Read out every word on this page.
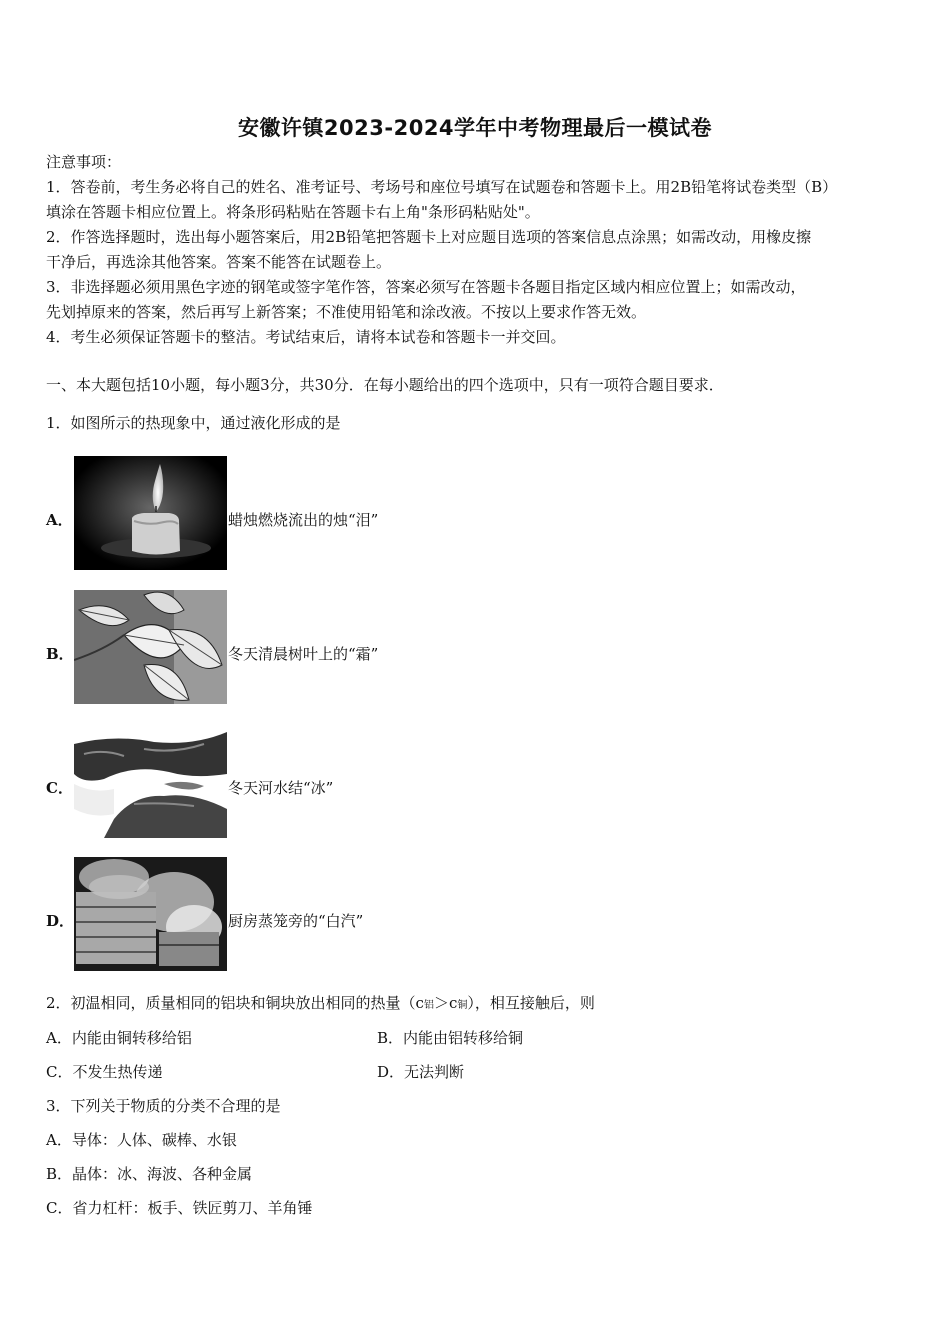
安徽许镇2023-2024学年中考物理最后一模试卷

注意事项：

1．答卷前，考生务必将自己的姓名、准考证号、考场号和座位号填写在试题卷和答题卡上。用2B铅笔将试卷类型（B）

填涂在答题卡相应位置上。将条形码粘贴在答题卡右上角"条形码粘贴处"。

2．作答选择题时，选出每小题答案后，用2B铅笔把答题卡上对应题目选项的答案信息点涂黑；如需改动，用橡皮擦

干净后，再选涂其他答案。答案不能答在试题卷上。

3．非选择题必须用黑色字迹的钢笔或签字笔作答，答案必须写在答题卡各题目指定区域内相应位置上；如需改动，

先划掉原来的答案，然后再写上新答案；不准使用铅笔和涂改液。不按以上要求作答无效。

4．考生必须保证答题卡的整洁。考试结束后，请将本试卷和答题卡一并交回。

一、本大题包括10小题，每小题3分，共30分．在每小题给出的四个选项中，只有一项符合题目要求．
1．如图所示的热现象中，通过液化形成的是
A．	蜡烛燃烧流出的烛“泪”
B．	冬天清晨树叶上的“霜”
C．	冬天河水结“冰”
D．	厨房蒸笼旁的“白汽”
2．初温相同，质量相同的铝块和铜块放出相同的热量（c铝＞c铜），相互接触后，则
A．内能由铜转移给铝	B．内能由铝转移给铜
C．不发生热传递	D．无法判断
3．下列关于物质的分类不合理的是
A．导体：人体、碳棒、水银
B．晶体：冰、海波、各种金属
C．省力杠杆：板手、铁匠剪刀、羊角锤
